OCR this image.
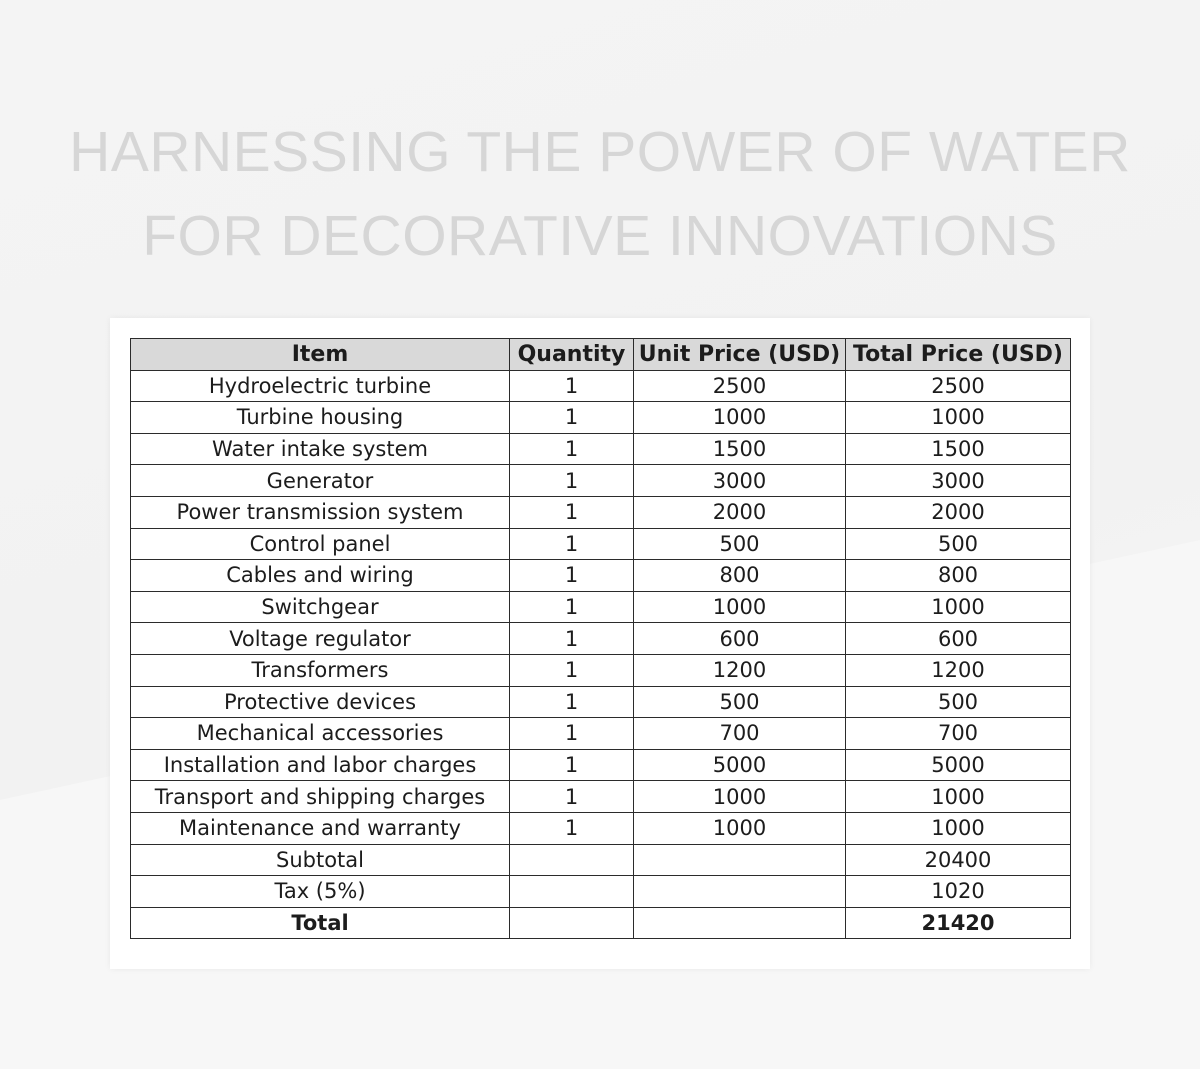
HARNESSING THE POWER OF WATER
FOR DECORATIVE INNOVATIONS
Item	Quantity	Unit Price (USD)	Total Price (USD)
Hydroelectric turbine	1	2500	2500
Turbine housing	1	1000	1000
Water intake system	1	1500	1500
Generator	1	3000	3000
Power transmission system	1	2000	2000
Control panel	1	500	500
Cables and wiring	1	800	800
Switchgear	1	1000	1000
Voltage regulator	1	600	600
Transformers	1	1200	1200
Protective devices	1	500	500
Mechanical accessories	1	700	700
Installation and labor charges	1	5000	5000
Transport and shipping charges	1	1000	1000
Maintenance and warranty	1	1000	1000
Subtotal			20400
Tax (5%)			1020
Total			21420
